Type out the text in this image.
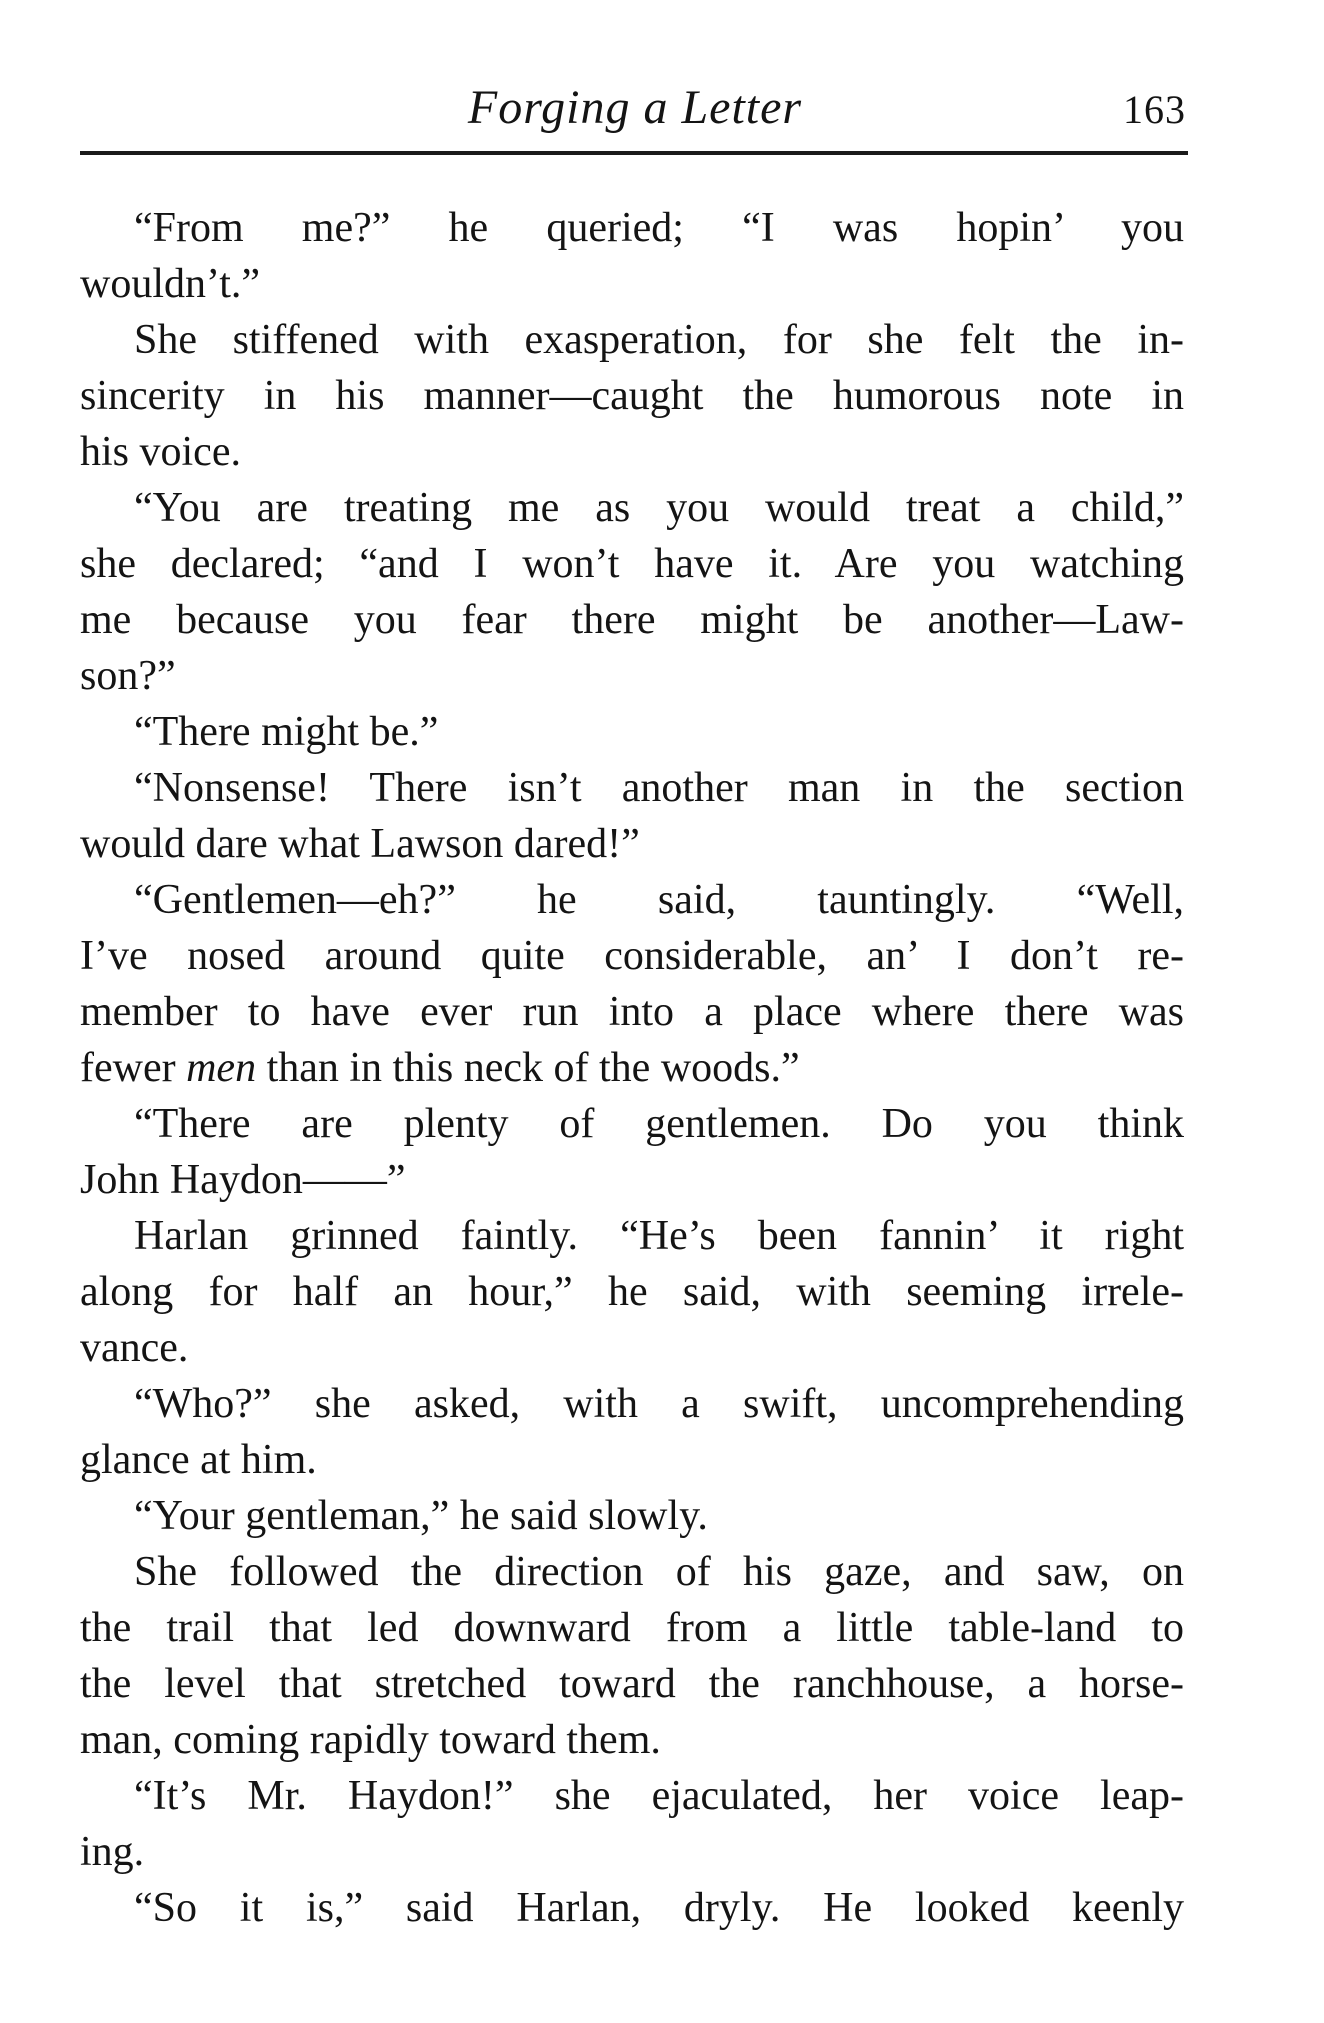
Forging a Letter	163
“From me?” he queried; “I was hopin’ you
wouldn’t.”
She stiffened with exasperation, for she felt the in-
sincerity in his manner—caught the humorous note in
his voice.
“You are treating me as you would treat a child,”
she declared; “and I won’t have it. Are you watching
me because you fear there might be another—Law-
son?”
“There might be.”
“Nonsense! There isn’t another man in the section
would dare what Lawson dared!”
“Gentlemen—eh?” he said, tauntingly. “Well,
I’ve nosed around quite considerable, an’ I don’t re-
member to have ever run into a place where there was
fewer men than in this neck of the woods.”
“There are plenty of gentlemen. Do you think
John Haydon——”
Harlan grinned faintly. “He’s been fannin’ it right
along for half an hour,” he said, with seeming irrele-
vance.
“Who?” she asked, with a swift, uncomprehending
glance at him.
“Your gentleman,” he said slowly.
She followed the direction of his gaze, and saw, on
the trail that led downward from a little table-land to
the level that stretched toward the ranchhouse, a horse-
man, coming rapidly toward them.
“It’s Mr. Haydon!” she ejaculated, her voice leap-
ing.
“So it is,” said Harlan, dryly. He looked keenly
